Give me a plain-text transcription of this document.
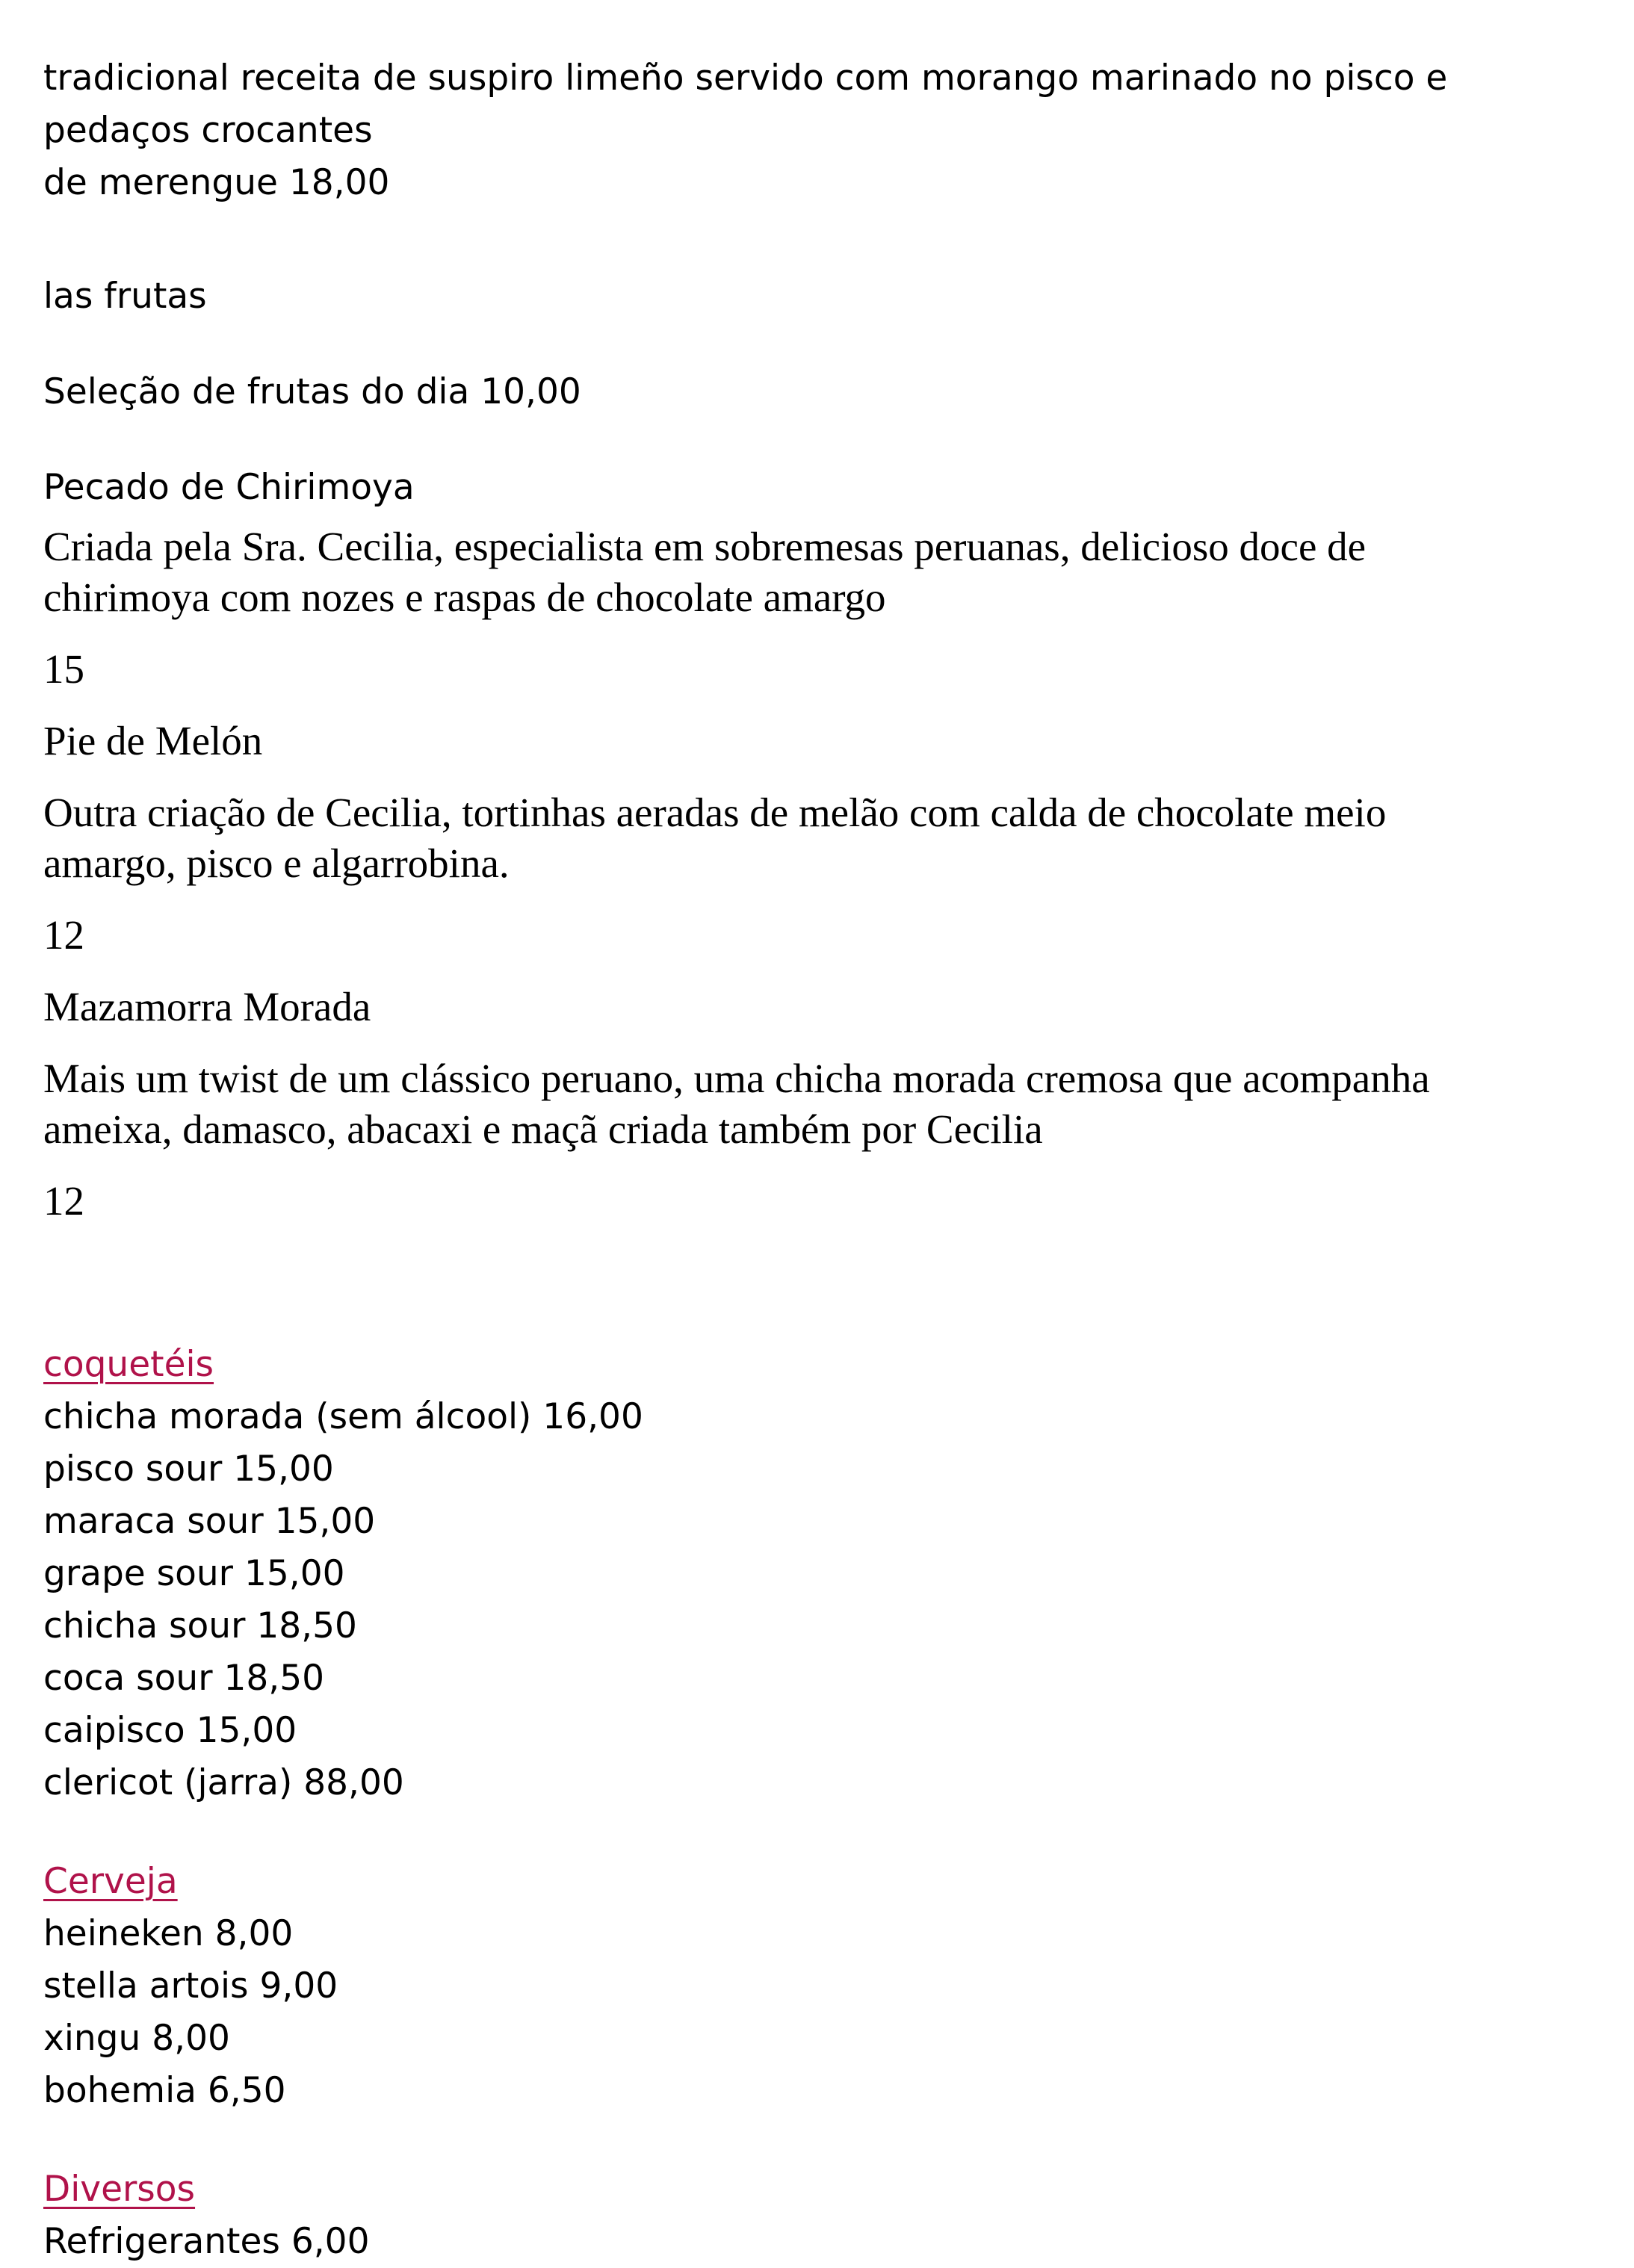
tradicional receita de suspiro limeño servido com morango marinado no pisco e
pedaços crocantes
de merengue 18,00
las frutas
Seleção de frutas do dia 10,00
Pecado de Chirimoya
Criada pela Sra. Cecilia, especialista em sobremesas peruanas, delicioso doce de
chirimoya com nozes e raspas de chocolate amargo
15
Pie de Melón
Outra criação de Cecilia, tortinhas aeradas de melão com calda de chocolate meio
amargo, pisco e algarrobina.
12
Mazamorra Morada
Mais um twist de um clássico peruano, uma chicha morada cremosa que acompanha
ameixa, damasco, abacaxi e maçã criada também por Cecilia
12
coquetéis
chicha morada (sem álcool) 16,00
pisco sour 15,00
maraca sour 15,00
grape sour 15,00
chicha sour 18,50
coca sour 18,50
caipisco 15,00
clericot (jarra) 88,00
Cerveja
heineken 8,00
stella artois 9,00
xingu 8,00
bohemia 6,50
Diversos
Refrigerantes 6,00
